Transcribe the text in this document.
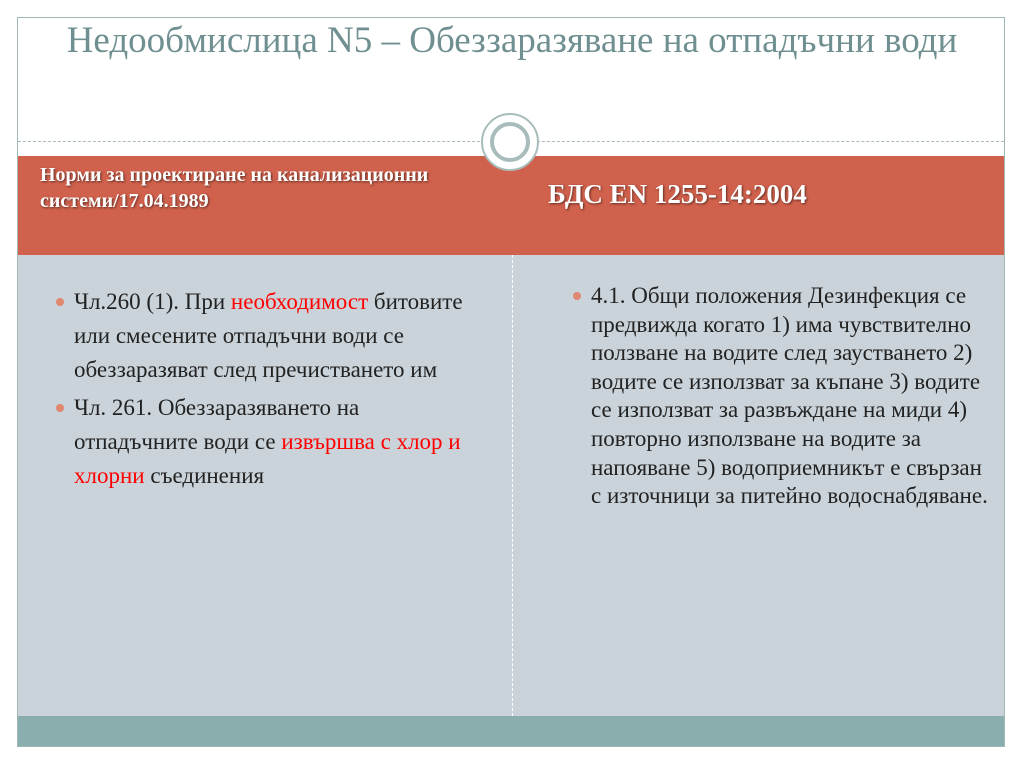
Недообмислица N5 – Обеззаразяване на отпадъчни води
Норми за проектиране на канализационни системи/17.04.1989	БДС EN 1255-14:2004
Чл.260 (1). При необходимост битовите или смесените отпадъчни води се обеззаразяват след пречистването им
Чл. 261. Обеззаразяването на отпадъчните води се извършва с хлор и хлорни съединения
4.1. Общи положения Дезинфекция се предвижда когато 1) има чувствително ползване на водите след заустването 2) водите се използват за къпане 3) водите се използват за развъждане на миди 4) повторно използване на водите за напояване 5) водоприемникът е свързан с източници за питейно водоснабдяване.
